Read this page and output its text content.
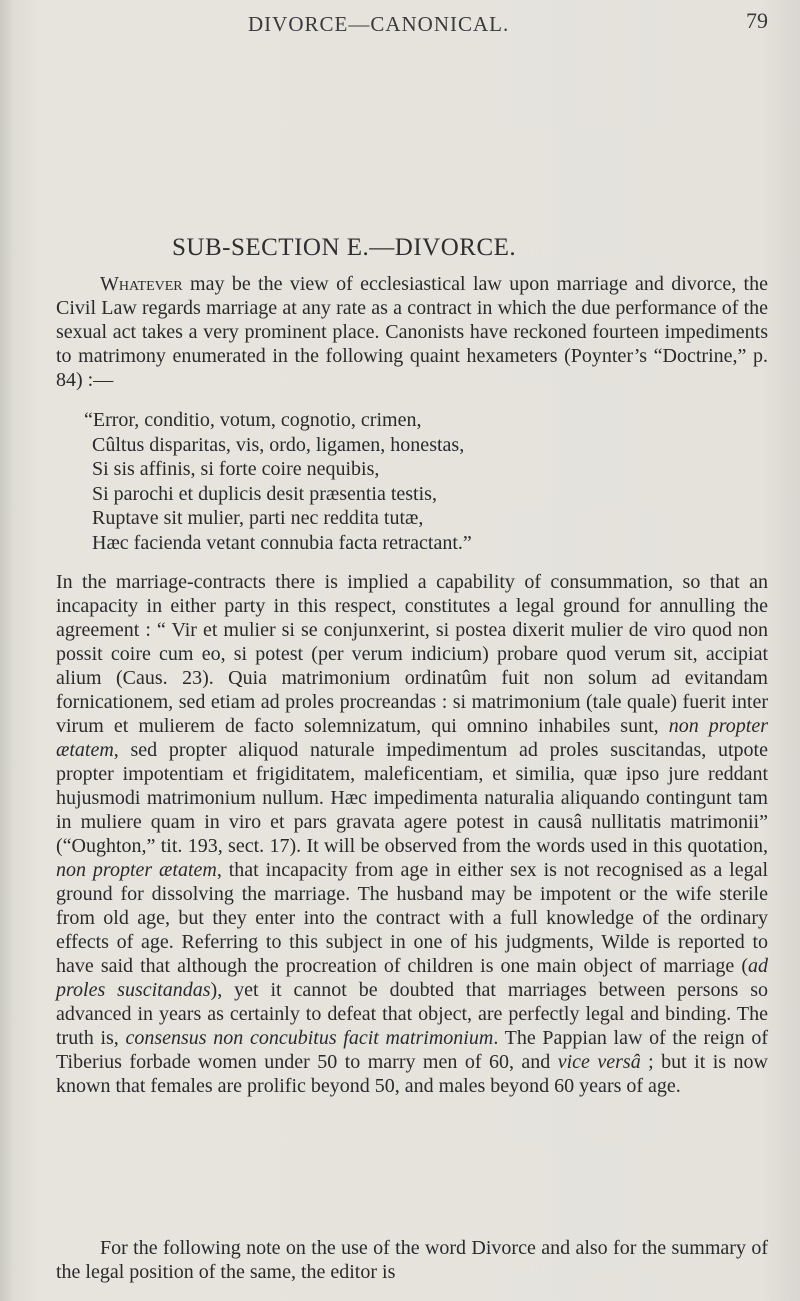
DIVORCE—CANONICAL.	79
SUB-SECTION E.—DIVORCE.
Whatever may be the view of ecclesiastical law upon marriage and divorce, the Civil Law regards marriage at any rate as a contract in which the due performance of the sexual act takes a very prominent place. Canonists have reckoned fourteen impediments to matrimony enumerated in the following quaint hexameters (Poynter’s “Doctrine,” p. 84) :—
“Error, conditio, votum, cognotio, crimen,
Cûltus disparitas, vis, ordo, ligamen, honestas,
Si sis affinis, si forte coire nequibis,
Si parochi et duplicis desit præsentia testis,
Ruptave sit mulier, parti nec reddita tutæ,
Hæc facienda vetant connubia facta retractant.”
In the marriage-contracts there is implied a capability of consummation, so that an incapacity in either party in this respect, constitutes a legal ground for annulling the agreement : “ Vir et mulier si se conjunxerint, si postea dixerit mulier de viro quod non possit coire cum eo, si potest (per verum indicium) probare quod verum sit, accipiat alium (Caus. 23). Quia matrimonium ordinatûm fuit non solum ad evitandam fornicationem, sed etiam ad proles procreandas : si matrimonium (tale quale) fuerit inter virum et mulierem de facto solemnizatum, qui omnino inhabiles sunt, non propter ætatem, sed propter aliquod naturale impedimentum ad proles suscitandas, utpote propter impotentiam et frigiditatem, maleficentiam, et similia, quæ ipso jure reddant hujusmodi matrimonium nullum. Hæc impedimenta naturalia aliquando contingunt tam in muliere quam in viro et pars gravata agere potest in causâ nullitatis matrimonii” (“Oughton,” tit. 193, sect. 17). It will be observed from the words used in this quotation, non propter ætatem, that incapacity from age in either sex is not recognised as a legal ground for dissolving the marriage. The husband may be impotent or the wife sterile from old age, but they enter into the contract with a full knowledge of the ordinary effects of age. Referring to this subject in one of his judgments, Wilde is reported to have said that although the procreation of children is one main object of marriage (ad proles suscitandas), yet it cannot be doubted that marriages between persons so advanced in years as certainly to defeat that object, are perfectly legal and binding. The truth is, consensus non concubitus facit matrimonium. The Pappian law of the reign of Tiberius forbade women under 50 to marry men of 60, and vice versâ ; but it is now known that females are prolific beyond 50, and males beyond 60 years of age.
For the following note on the use of the word Divorce and also for the summary of the legal position of the same, the editor is
